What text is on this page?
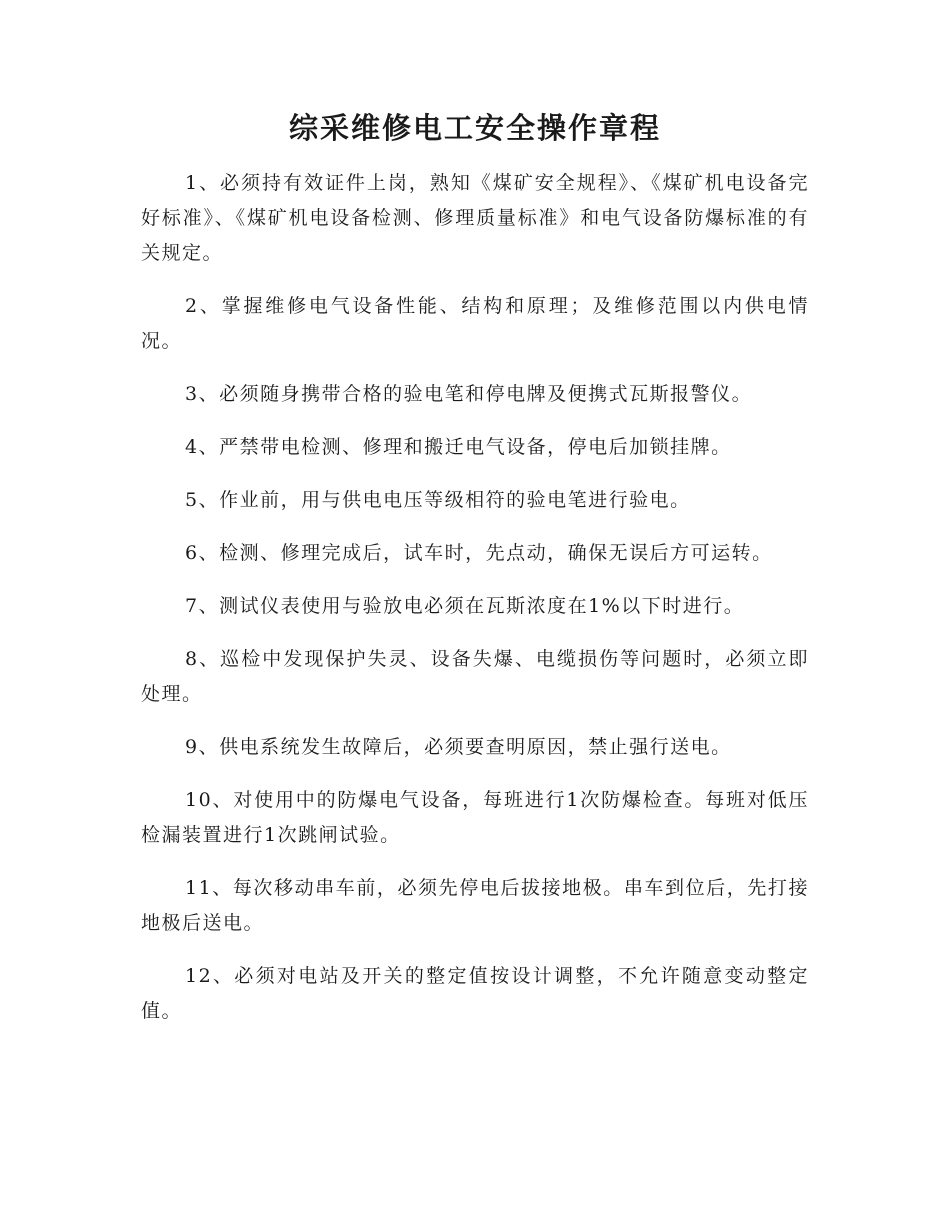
综采维修电工安全操作章程

1、必须持有效证件上岗，熟知《煤矿安全规程》、《煤矿机电设备完好标准》、《煤矿机电设备检测、修理质量标准》和电气设备防爆标准的有关规定。

2、掌握维修电气设备性能、结构和原理；及维修范围以内供电情况。

3、必须随身携带合格的验电笔和停电牌及便携式瓦斯报警仪。

4、严禁带电检测、修理和搬迁电气设备，停电后加锁挂牌。

5、作业前，用与供电电压等级相符的验电笔进行验电。

6、检测、修理完成后，试车时，先点动，确保无误后方可运转。

7、测试仪表使用与验放电必须在瓦斯浓度在1%以下时进行。

8、巡检中发现保护失灵、设备失爆、电缆损伤等问题时，必须立即处理。

9、供电系统发生故障后，必须要查明原因，禁止强行送电。

10、对使用中的防爆电气设备，每班进行1次防爆检查。每班对低压检漏装置进行1次跳闸试验。

11、每次移动串车前，必须先停电后拔接地极。串车到位后，先打接地极后送电。

12、必须对电站及开关的整定值按设计调整，不允许随意变动整定值。
